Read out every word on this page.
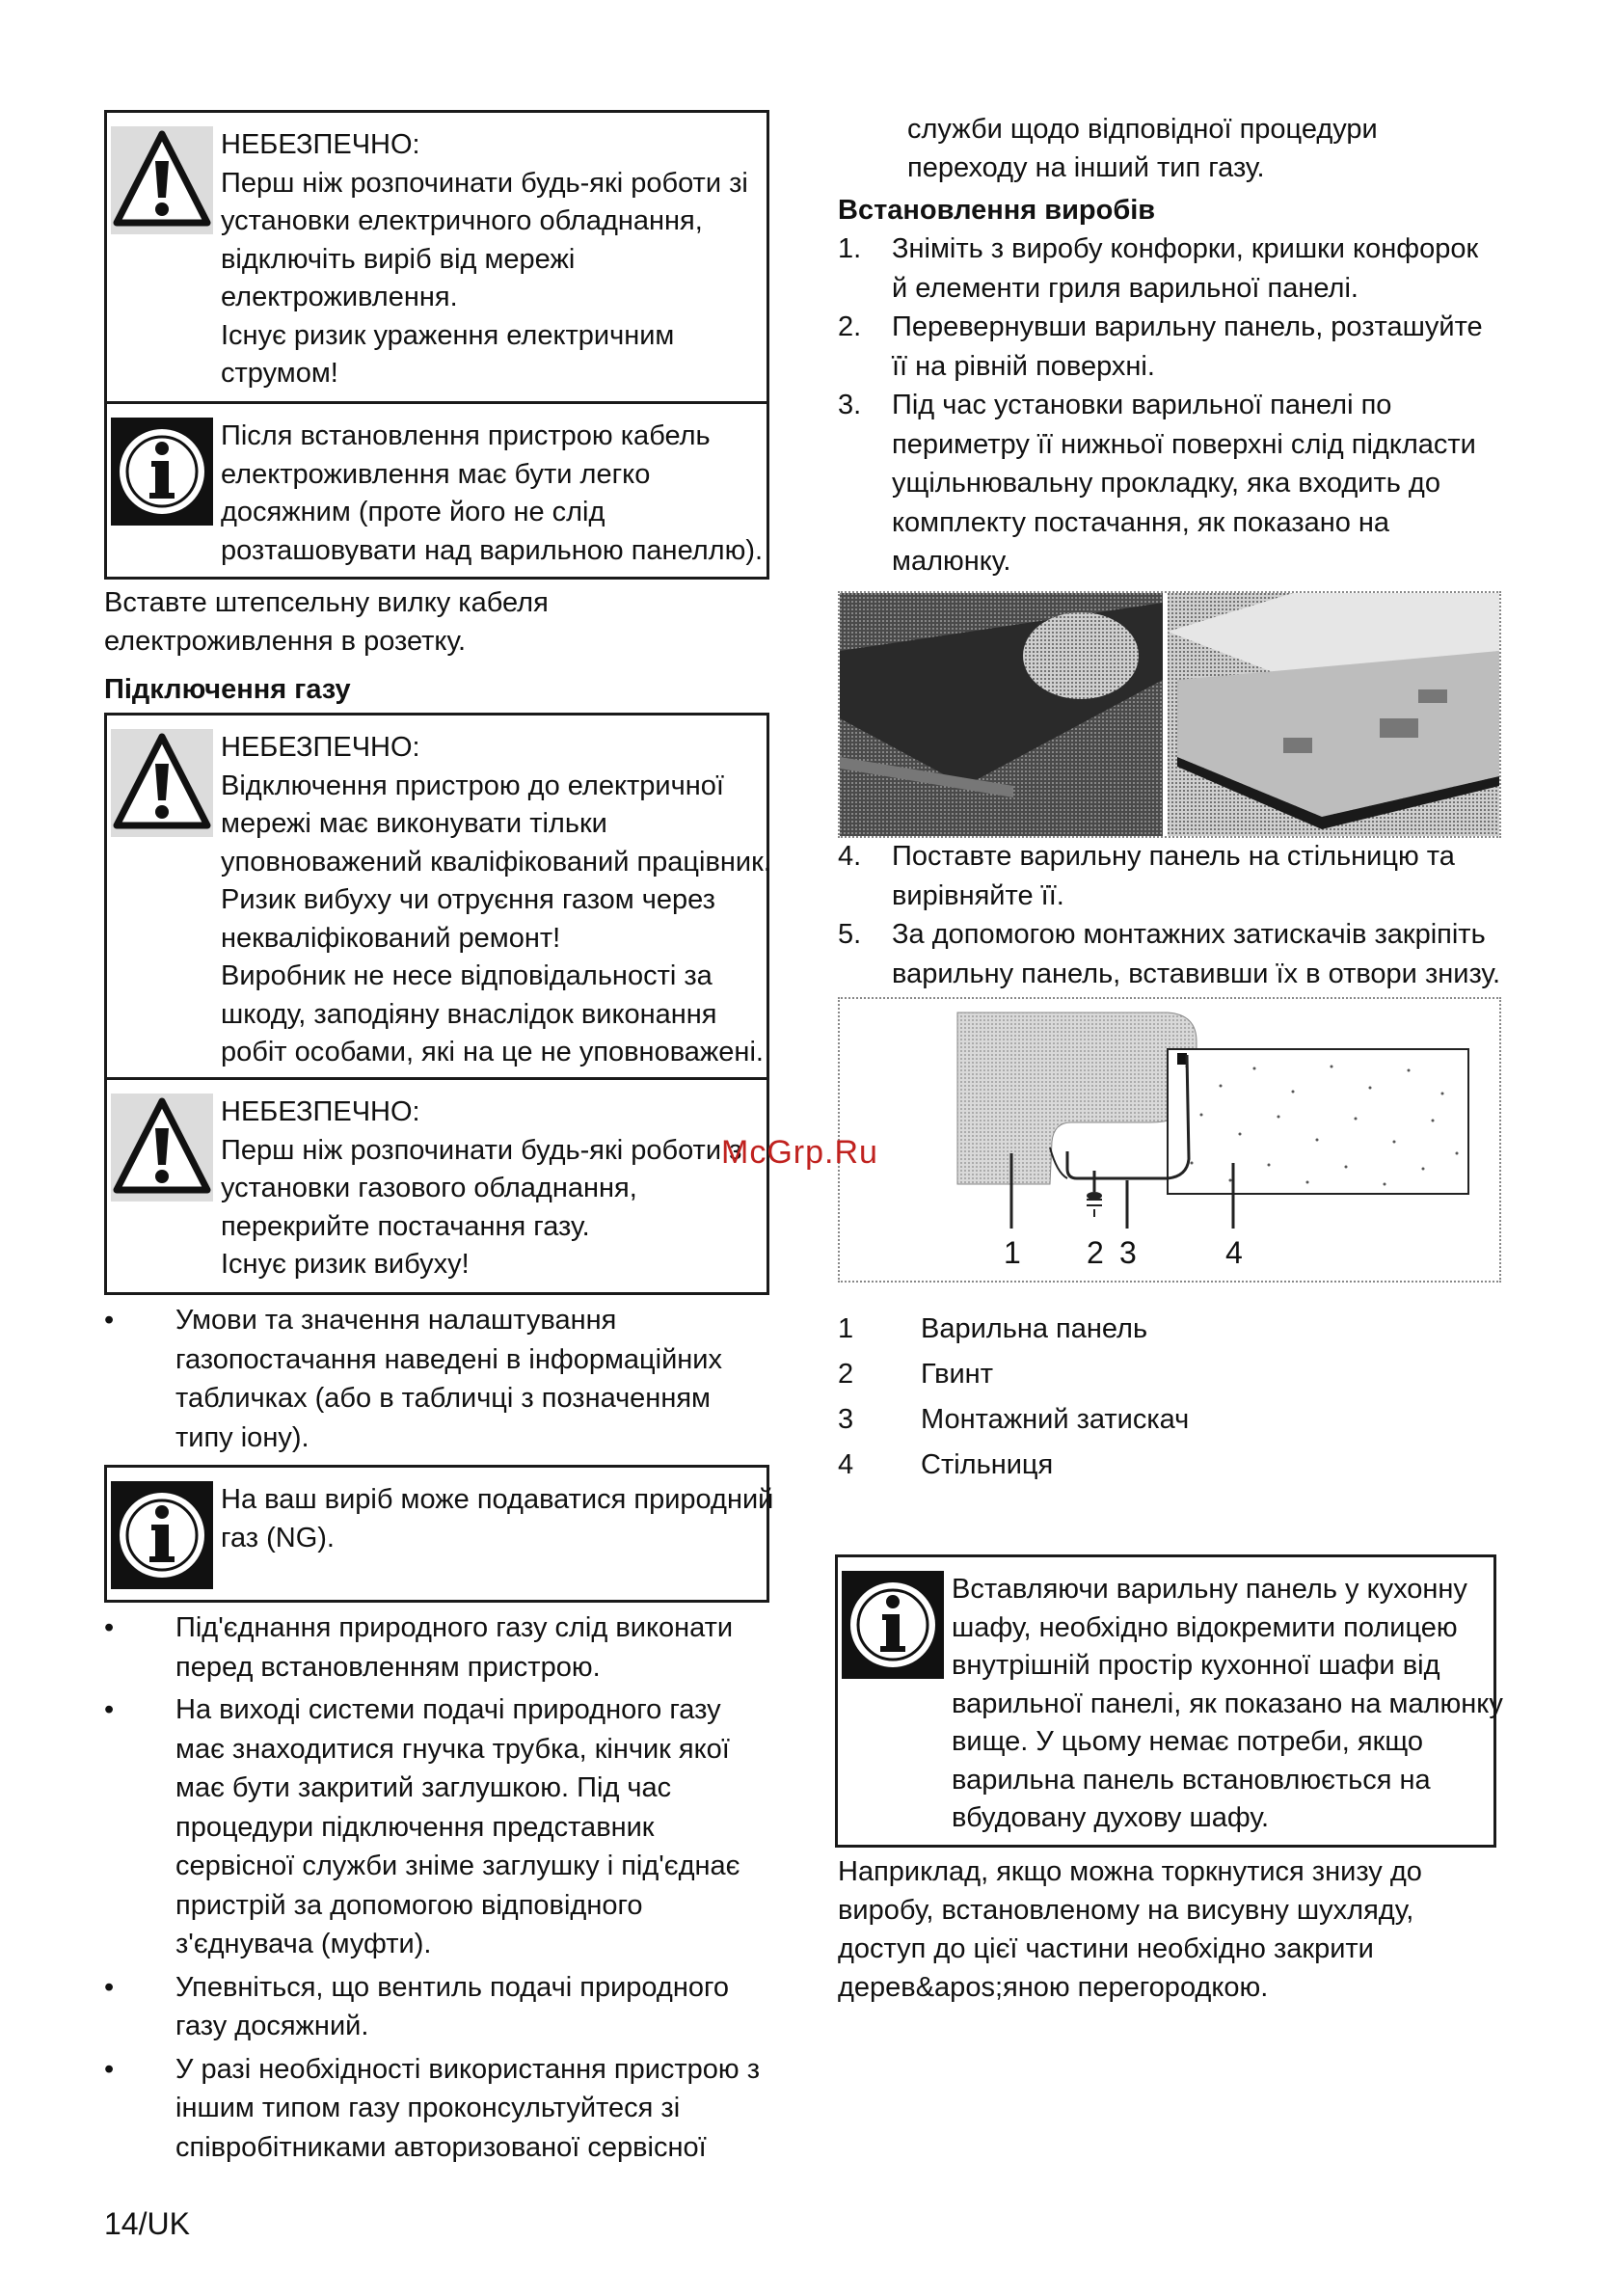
НЕБЕЗПЕЧНО:
Перш ніж розпочинати будь-які роботи зі
установки електричного обладнання,
відключіть виріб від мережі
електроживлення.
Існує ризик ураження електричним
струмом!
Після встановлення пристрою кабель
електроживлення має бути легко
досяжним (проте його не слід
розташовувати над варильною панеллю).
Вставте штепсельну вилку кабеля
електроживлення в розетку.
Підключення газу
НЕБЕЗПЕЧНО:
Відключення пристрою до електричної
мережі має виконувати тільки
уповноважений кваліфікований працівник.
Ризик вибуху чи отруєння газом через
некваліфікований ремонт!
Виробник не несе відповідальності за
шкоду, заподіяну внаслідок виконання
робіт особами, які на це не уповноважені.
НЕБЕЗПЕЧНО:
Перш ніж розпочинати будь-які роботи з
установки газового обладнання,
перекрийте постачання газу.
Існує ризик вибуху!
•	Умови та значення налаштування
газопостачання наведені в інформаційних
табличках (або в табличці з позначенням
типу іону).
На ваш виріб може подаватися природний
газ (NG).
•	Під'єднання природного газу слід виконати
перед встановленням пристрою.
•	На виході системи подачі природного газу
має знаходитися гнучка трубка, кінчик якої
має бути закритий заглушкою. Під час
процедури підключення представник
сервісної служби зніме заглушку і під'єднає
пристрій за допомогою відповідного
з'єднувача (муфти).
•	Упевніться, що вентиль подачі природного
газу досяжний.
•	У разі необхідності використання пристрою з
іншим типом газу проконсультуйтеся зі
співробітниками авторизованої сервісної
служби щодо відповідної процедури
переходу на інший тип газу.
Встановлення виробів
1. Зніміть з виробу конфорки, кришки конфорок
й елементи гриля варильної панелі.
2. Перевернувши варильну панель, розташуйте
її на рівній поверхні.
3. Під час установки варильної панелі по
периметру її нижньої поверхні слід підкласти
ущільнювальну прокладку, яка входить до
комплекту постачання, як показано на
малюнку.
4. Поставте варильну панель на стільницю та
вирівняйте її.
5. За допомогою монтажних затискачів закріпіть
варильну панель, вставивши їх в отвори знизу.
1 2 3	4
1 Варильна панель
2 Гвинт
3 Монтажний затискач
4 Стільниця
Вставляючи варильну панель у кухонну
шафу, необхідно відокремити полицею
внутрішній простір кухонної шафи від
варильної панелі, як показано на малюнку
вище. У цьому немає потреби, якщо
варильна панель встановлюється на
вбудовану духову шафу.
Наприклад, якщо можна торкнутися знизу до
виробу, встановленому на висувну шухляду,
доступ до цієї частини необхідно закрити
дерев&apos;яною перегородкою.
14/UK
McGrp.Ru
